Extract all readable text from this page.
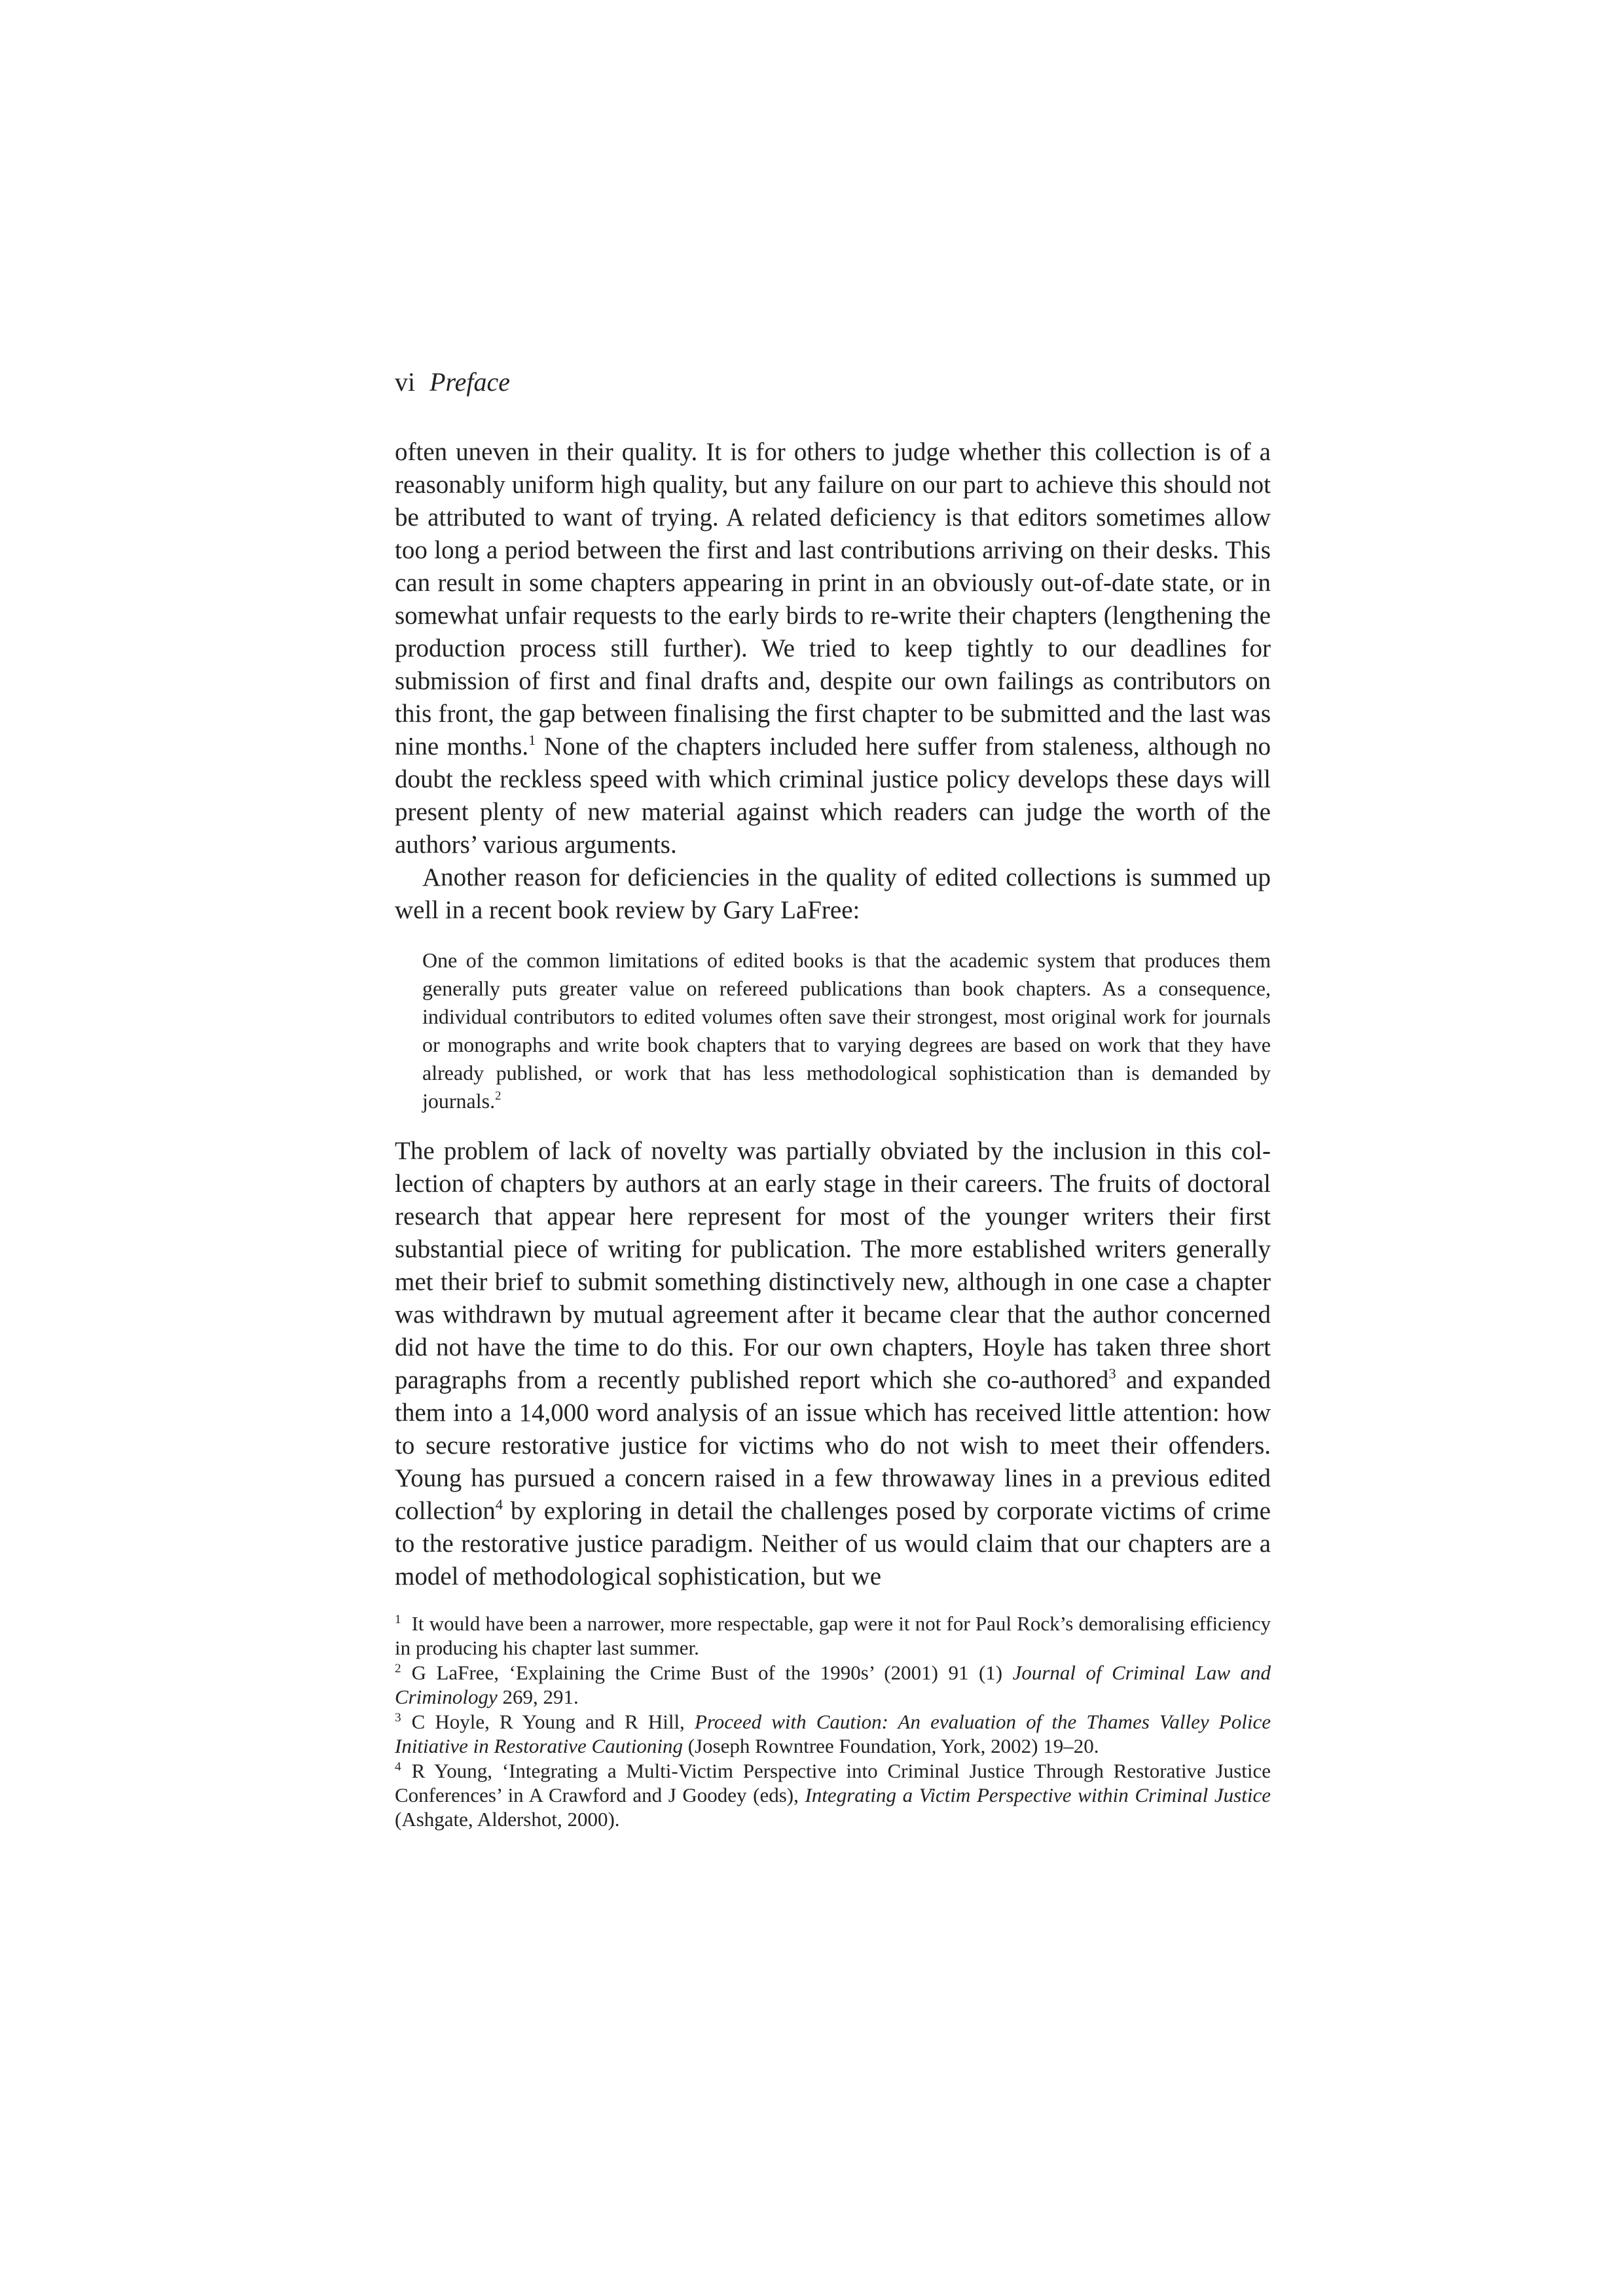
vi Preface

often uneven in their quality. It is for others to judge whether this collection is of a reasonably uniform high quality, but any failure on our part to achieve this should not be attributed to want of trying. A related deficiency is that editors sometimes allow too long a period between the first and last contributions arriving on their desks. This can result in some chapters appearing in print in an obviously out-of-date state, or in somewhat unfair requests to the early birds to re-write their chapters (lengthening the production process still further). We tried to keep tightly to our deadlines for submission of first and final drafts and, despite our own failings as contributors on this front, the gap between finalising the first chapter to be submitted and the last was nine months.$^1$ None of the chapters included here suffer from staleness, although no doubt the reckless speed with which criminal justice policy develops these days will present plenty of new material against which readers can judge the worth of the authors’ various arguments.

Another reason for deficiencies in the quality of edited collections is summed up well in a recent book review by Gary LaFree:

One of the common limitations of edited books is that the academic system that produces them generally puts greater value on refereed publications than book chapters. As a consequence, individual contributors to edited volumes often save their strongest, most original work for journals or monographs and write book chapters that to varying degrees are based on work that they have already published, or work that has less methodological sophistication than is demanded by journals.$^2$

The problem of lack of novelty was partially obviated by the inclusion in this collection of chapters by authors at an early stage in their careers. The fruits of doctoral research that appear here represent for most of the younger writers their first substantial piece of writing for publication. The more established writers generally met their brief to submit something distinctively new, although in one case a chapter was withdrawn by mutual agreement after it became clear that the author concerned did not have the time to do this. For our own chapters, Hoyle has taken three short paragraphs from a recently published report which she co-authored$^3$ and expanded them into a 14,000 word analysis of an issue which has received little attention: how to secure restorative justice for victims who do not wish to meet their offenders. Young has pursued a concern raised in a few throwaway lines in a previous edited collection$^4$ by exploring in detail the challenges posed by corporate victims of crime to the restorative justice paradigm. Neither of us would claim that our chapters are a model of methodological sophistication, but we

$^1$ It would have been a narrower, more respectable, gap were it not for Paul Rock’s demoralising efficiency in producing his chapter last summer.

$^2$ G LaFree, ‘Explaining the Crime Bust of the 1990s’ (2001) 91 (1) Journal of Criminal Law and Criminology 269, 291.

$^3$ C Hoyle, R Young and R Hill, Proceed with Caution: An evaluation of the Thames Valley Police Initiative in Restorative Cautioning (Joseph Rowntree Foundation, York, 2002) 19–20.

$^4$ R Young, ‘Integrating a Multi-Victim Perspective into Criminal Justice Through Restorative Justice Conferences’ in A Crawford and J Goodey (eds), Integrating a Victim Perspective within Criminal Justice (Ashgate, Aldershot, 2000).
